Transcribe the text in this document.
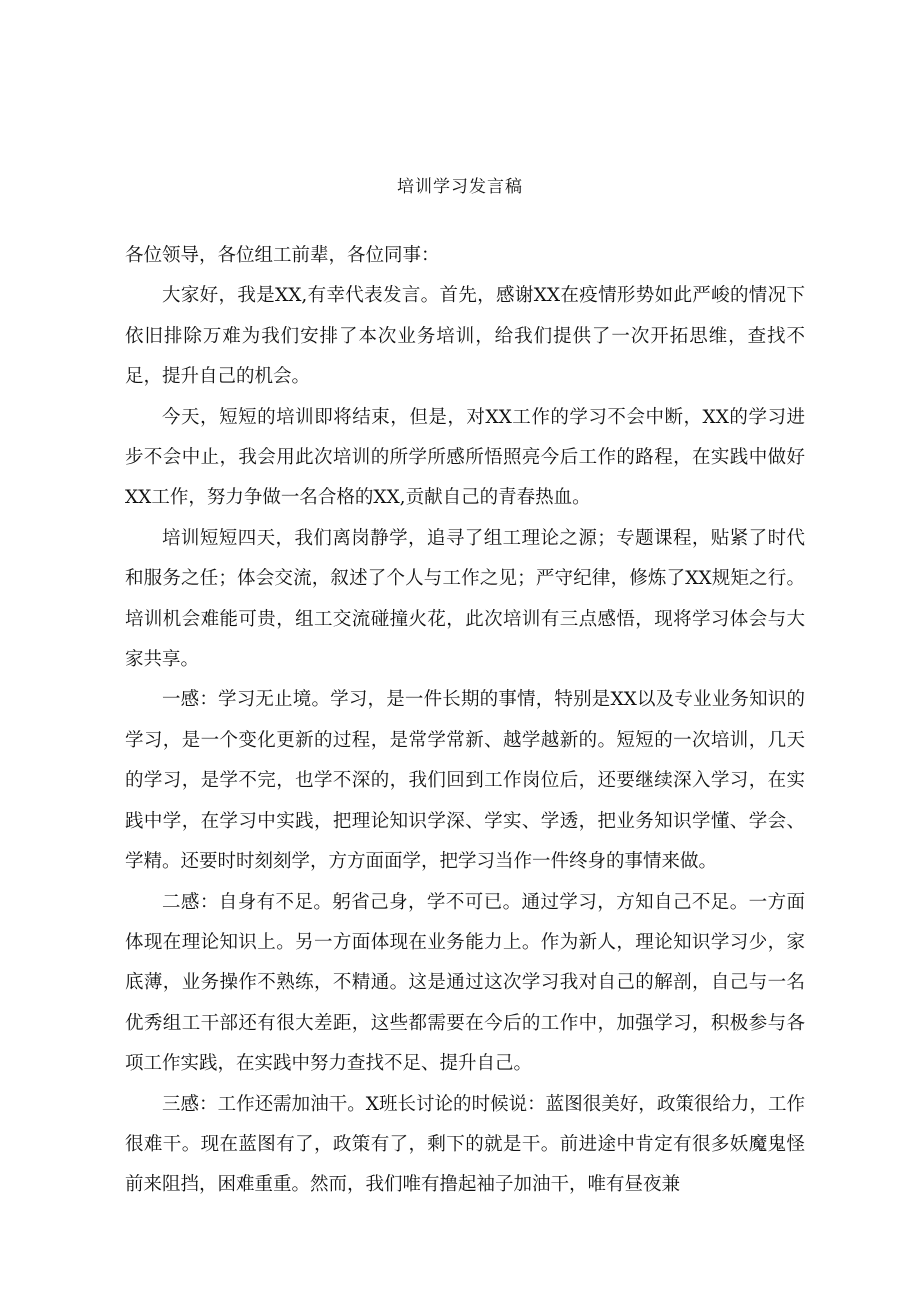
培训学习发言稿

各位领导，各位组工前辈，各位同事：

大家好，我是XX,有幸代表发言。首先，感谢XX在疫情形势如此严峻的情况下依旧排除万难为我们安排了本次业务培训，给我们提供了一次开拓思维，查找不足，提升自己的机会。

今天，短短的培训即将结束，但是，对XX工作的学习不会中断，XX的学习进步不会中止，我会用此次培训的所学所感所悟照亮今后工作的路程，在实践中做好XX工作，努力争做一名合格的XX,贡献自己的青春热血。

培训短短四天，我们离岗静学，追寻了组工理论之源；专题课程，贴紧了时代和服务之任；体会交流，叙述了个人与工作之见；严守纪律，修炼了XX规矩之行。培训机会难能可贵，组工交流碰撞火花，此次培训有三点感悟，现将学习体会与大家共享。

一感：学习无止境。学习，是一件长期的事情，特别是XX以及专业业务知识的学习，是一个变化更新的过程，是常学常新、越学越新的。短短的一次培训，几天的学习，是学不完，也学不深的，我们回到工作岗位后，还要继续深入学习，在实践中学，在学习中实践，把理论知识学深、学实、学透，把业务知识学懂、学会、学精。还要时时刻刻学，方方面面学，把学习当作一件终身的事情来做。

二感：自身有不足。躬省己身，学不可已。通过学习，方知自己不足。一方面体现在理论知识上。另一方面体现在业务能力上。作为新人，理论知识学习少，家底薄，业务操作不熟练，不精通。这是通过这次学习我对自己的解剖，自己与一名优秀组工干部还有很大差距，这些都需要在今后的工作中，加强学习，积极参与各项工作实践，在实践中努力查找不足、提升自己。

三感：工作还需加油干。X班长讨论的时候说：蓝图很美好，政策很给力，工作很难干。现在蓝图有了，政策有了，剩下的就是干。前进途中肯定有很多妖魔鬼怪前来阻挡，困难重重。然而，我们唯有撸起袖子加油干，唯有昼夜兼
